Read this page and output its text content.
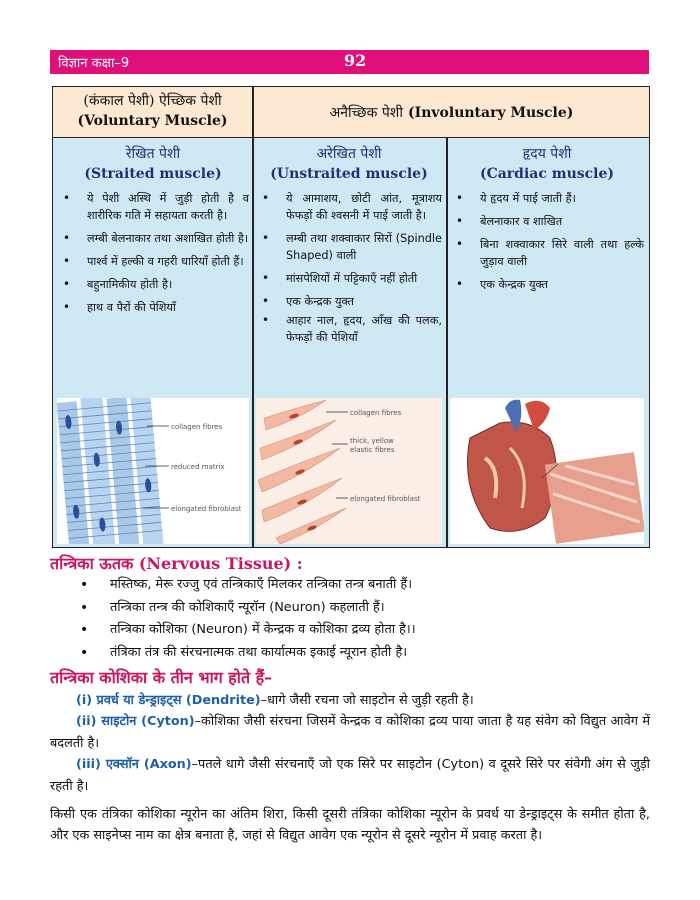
विज्ञान कक्षा–9	92
(कंकाल पेशी) ऐच्छिक पेशी
(Voluntary Muscle)	अनैच्छिक पेशी (Involuntary Muscle)
रेखित पेशी
(Straited muscle)
• ये पेशी अस्थि में जुड़ी होती है व शारीरिक गति में सहायता करती है।
• लम्बी बेलनाकार तथा अशाखित होती है।
• पार्श्व में हल्की व गहरी धारियाँ होती हैं।
• बहुनामिकीय होती है।
• हाथ व पैरों की पेशियाँ
अरेखित पेशी
(Unstraited muscle)
• ये आमाशय, छोटी आंत, मूत्राशय फेफड़ों की श्वसनी में पाई जाती है।
• लम्बी तथा शक्वाकार सिरों (Spindle Shaped) वाली
• मांसपेशियों में पट्टिकाएँ नहीं होती
• एक केन्द्रक युक्त
• आहार नाल, हृदय, आँख की पलक, फेफड़ों की पेशियाँ
हृदय पेशी
(Cardiac muscle)
• ये हृदय में पाई जाती हैं।
• बेलनाकार व शाखित
• बिना शक्वाकार सिरे वाली तथा हल्के जुड़ाव वाली
• एक केन्द्रक युक्त
collagen fibres
reduced matrix
elongated fibroblast
collagen fibres
thick, yellow
elastic fibres
elongated fibroblast
तन्त्रिका ऊतक (Nervous Tissue) :
• मस्तिष्क, मेरू रज्जु एवं तन्त्रिकाएँ मिलकर तन्त्रिका तन्त्र बनाती हैं।
• तन्त्रिका तन्त्र की कोशिकाएँ न्यूरॉन (Neuron) कहलाती हैं।
• तन्त्रिका कोशिका (Neuron) में केन्द्रक व कोशिका द्रव्य होता है।।
• तंत्रिका तंत्र की संरचनात्मक तथा कार्यात्मक इकाई न्यूरान होती है।
तन्त्रिका कोशिका के तीन भाग होते हैं–
(i) प्रवर्ध या डेन्ड्राइट्स (Dendrite)–धागे जैसी रचना जो साइटोन से जुड़ी रहती है।
(ii) साइटोन (Cyton)–कोशिका जैसी संरचना जिसमें केन्द्रक व कोशिका द्रव्य पाया जाता है यह संवेग को विद्युत आवेग में बदलती है।
(iii) एक्सॉन (Axon)–पतले धागे जैसी संरचनाएँ जो एक सिरे पर साइटोन (Cyton) व दूसरे सिरे पर संवेगी अंग से जुड़ी रहती है।
किसी एक तंत्रिका कोशिका न्यूरोन का अंतिम शिरा, किसी दूसरी तंत्रिका कोशिका न्यूरोन के प्रवर्ध या डेन्ड्राइट्स के समीत होता है, और एक साइनेप्स नाम का क्षेत्र बनाता है, जहां से विद्युत आवेग एक न्यूरोन से दूसरे न्यूरोन में प्रवाह करता है।
